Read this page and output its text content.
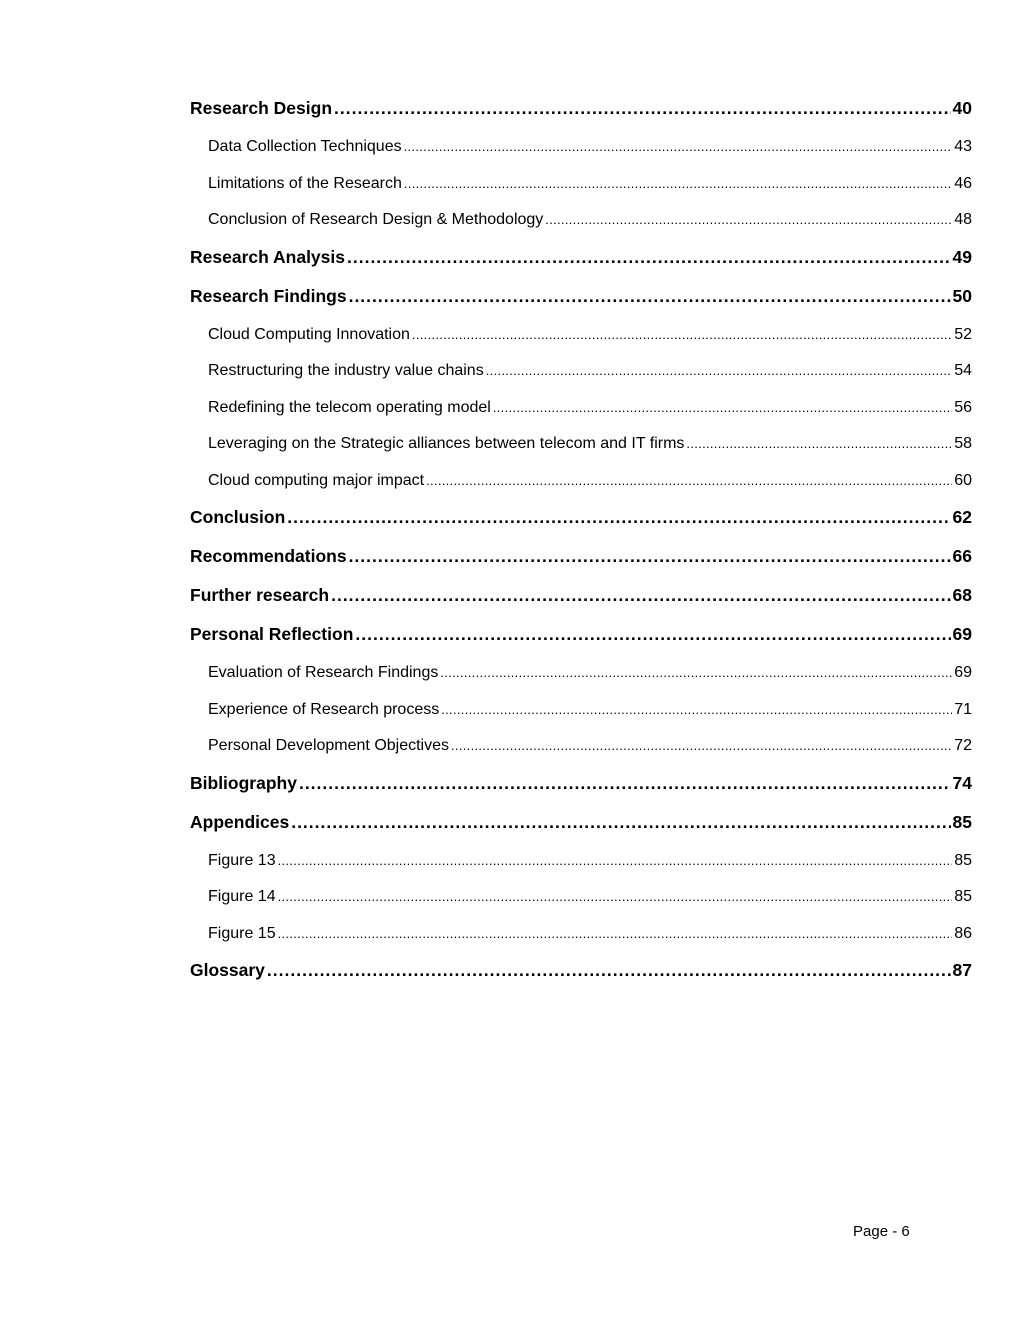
Research Design .....	40
Data Collection Techniques .....	43
Limitations of the Research .....	46
Conclusion of Research Design & Methodology .....	48
Research Analysis .....	49
Research Findings .....	50
Cloud Computing Innovation .....	52
Restructuring the industry value chains .....	54
Redefining the telecom operating model .....	56
Leveraging on the Strategic alliances between telecom and IT firms .....	58
Cloud computing major impact .....	60
Conclusion .....	62
Recommendations .....	66
Further research .....	68
Personal Reflection .....	69
Evaluation of Research Findings .....	69
Experience of Research process .....	71
Personal Development Objectives .....	72
Bibliography .....	74
Appendices .....	85
Figure 13 .....	85
Figure 14 .....	85
Figure 15 .....	86
Glossary .....	87
Page - 6
